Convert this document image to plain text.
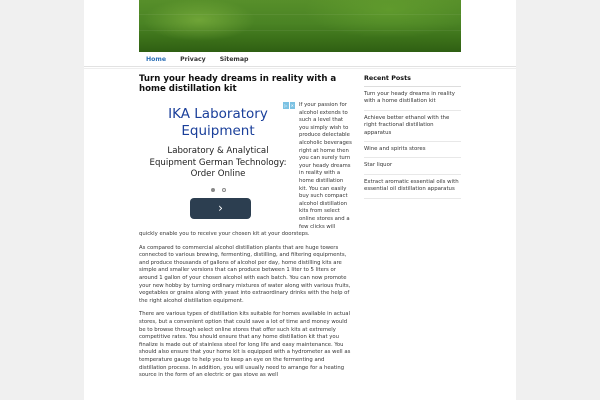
Home	Privacy	Sitemap
Turn your heady dreams in reality with a home distillation kit
▷ ✕
IKA Laboratory Equipment
Laboratory & Analytical Equipment German Technology: Order Online
›

If your passion for alcohol extends to such a level that you simply wish to produce delectable alcoholic beverages right at home then you can surely turn your heady dreams in reality with a home distillation kit. You can easily buy such compact alcohol distillation kits from select online stores and a few clicks will quickly enable you to receive your chosen kit at your doorsteps.

As compared to commercial alcohol distillation plants that are huge towers connected to various brewing, fermenting, distilling, and filtering equipments, and produce thousands of gallons of alcohol per day, home distilling kits are simple and smaller versions that can produce between 1 liter to 5 liters or around 1 gallon of your chosen alcohol with each batch. You can now promote your new hobby by turning ordinary mixtures of water along with various fruits, vegetables or grains along with yeast into extraordinary drinks with the help of the right alcohol distillation equipment.

There are various types of distillation kits suitable for homes available in actual stores, but a convenient option that could save a lot of time and money would be to browse through select online stores that offer such kits at extremely competitive rates. You should ensure that any home distillation kit that you finalize is made out of stainless steel for long life and easy maintenance. You should also ensure that your home kit is equipped with a hydrometer as well as temperature gauge to help you to keep an eye on the fermenting and distillation process. In addition, you will usually need to arrange for a heating source in the form of an electric or gas stove as well

Recent Posts
Turn your heady dreams in reality with a home distillation kit
Achieve better ethanol with the right fractional distillation apparatus
Wine and spirits stores
Star liquor
Extract aromatic essential oils with essential oil distillation apparatus
